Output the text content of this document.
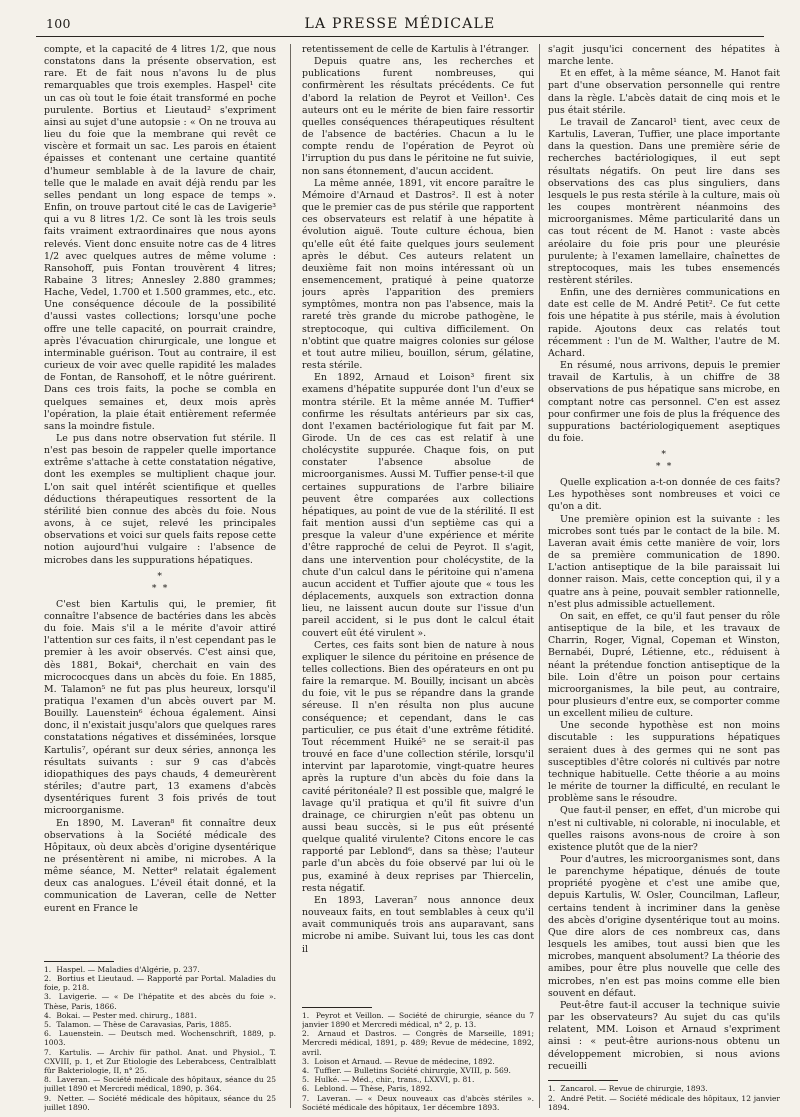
100	LA PRESSE MÉDICALE

compte, et la capacité de 4 litres 1/2, que nous constatons dans la présente observation, est rare. Et de fait nous n'avons lu de plus remarquables que trois exemples. Haspel¹ cite un cas où tout le foie était transformé en poche purulente. Bortius et Lieutaud² s'expriment ainsi au sujet d'une autopsie : « On ne trouva au lieu du foie que la membrane qui revêt ce viscère et formait un sac. Les parois en étaient épaisses et contenant une certaine quantité d'humeur semblable à de la lavure de chair, telle que le malade en avait déjà rendu par les selles pendant un long espace de temps ». Enfin, on trouve partout cité le cas de Lavigerie³ qui a vu 8 litres 1/2. Ce sont là les trois seuls faits vraiment extraordinaires que nous ayons relevés. Vient donc ensuite notre cas de 4 litres 1/2 avec quelques autres de même volume : Ransohoff, puis Fontan trouvèrent 4 litres; Rabaine 3 litres; Annesley 2.880 grammes; Hache, Vedel, 1.700 et 1.500 grammes, etc., etc. Une conséquence découle de la possibilité d'aussi vastes collections; lorsqu'une poche offre une telle capacité, on pourrait craindre, après l'évacuation chirurgicale, une longue et interminable guérison. Tout au contraire, il est curieux de voir avec quelle rapidité les malades de Fontan, de Ransohoff, et le nôtre guérirent. Dans ces trois faits, la poche se combla en quelques semaines et, deux mois après l'opération, la plaie était entièrement refermée sans la moindre fistule.

Le pus dans notre observation fut stérile. Il n'est pas besoin de rappeler quelle importance extrême s'attache à cette constatation négative, dont les exemples se multiplient chaque jour. L'on sait quel intérêt scientifique et quelles déductions thérapeutiques ressortent de la stérilité bien connue des abcès du foie. Nous avons, à ce sujet, relevé les principales observations et voici sur quels faits repose cette notion aujourd'hui vulgaire : l'absence de microbes dans les suppurations hépatiques.

∗
∗ ∗

C'est bien Kartulis qui, le premier, fit connaître l'absence de bactéries dans les abcès du foie. Mais s'il a le mérite d'avoir attiré l'attention sur ces faits, il n'est cependant pas le premier à les avoir observés. C'est ainsi que, dès 1881, Bokai⁴, cherchait en vain des micrococques dans un abcès du foie. En 1885, M. Talamon⁵ ne fut pas plus heureux, lorsqu'il pratiqua l'examen d'un abcès ouvert par M. Bouilly. Lauenstein⁶ échoua également. Ainsi donc, il n'existait jusqu'alors que quelques rares constatations négatives et disséminées, lorsque Kartulis⁷, opérant sur deux séries, annonça les résultats suivants : sur 9 cas d'abcès idiopathiques des pays chauds, 4 demeurèrent stériles; d'autre part, 13 examens d'abcès dysentériques furent 3 fois privés de tout microorganisme.

En 1890, M. Laveran⁸ fit connaître deux observations à la Société médicale des Hôpitaux, où deux abcès d'origine dysentérique ne présentèrent ni amibe, ni microbes. A la même séance, M. Netter⁹ relatait également deux cas analogues. L'éveil était donné, et la communication de Laveran, celle de Netter eurent en France le

1. Haspel. — Maladies d'Algérie, p. 237.

2. Bortius et Lieutaud. — Rapporté par Portal. Maladies du foie, p. 218.

3. Lavigerie. — « De l'hépatite et des abcès du foie ». Thèse, Paris, 1866.

4. Bokai. — Pester med. chirurg., 1881.

5. Talamon. — Thèse de Caravasias, Paris, 1885.

6. Lauenstein. — Deutsch med. Wochenschrift, 1889, p. 1003.

7. Kartulis. — Archiv für pathol. Anat. und Physiol., T. CXVIII, p. 1, et Zur Etiologie des Leberabcess, Centralblatt für Bakteriologie, II, n° 25.

8. Laveran. — Société médicale des hôpitaux, séance du 25 juillet 1890 et Mercredi médical, 1890, p. 364.

9. Netter. — Société médicale des hôpitaux, séance du 25 juillet 1890.

retentissement de celle de Kartulis à l'étranger.

Depuis quatre ans, les recherches et publications furent nombreuses, qui confirmèrent les résultats précédents. Ce fut d'abord la relation de Peyrot et Veillon¹. Ces auteurs ont eu le mérite de bien faire ressortir quelles conséquences thérapeutiques résultent de l'absence de bactéries. Chacun a lu le compte rendu de l'opération de Peyrot où l'irruption du pus dans le péritoine ne fut suivie, non sans étonnement, d'aucun accident.

La même année, 1891, vit encore paraître le Mémoire d'Arnaud et Dastros². Il est à noter que le premier cas de pus stérile que rapportent ces observateurs est relatif à une hépatite à évolution aiguë. Toute culture échoua, bien qu'elle eût été faite quelques jours seulement après le début. Ces auteurs relatent un deuxième fait non moins intéressant où un ensemencement, pratiqué à peine quatorze jours après l'apparition des premiers symptômes, montra non pas l'absence, mais la rareté très grande du microbe pathogène, le streptocoque, qui cultiva difficilement. On n'obtint que quatre maigres colonies sur gélose et tout autre milieu, bouillon, sérum, gélatine, resta stérile.

En 1892, Arnaud et Loison³ firent six examens d'hépatite suppurée dont l'un d'eux se montra stérile. Et la même année M. Tuffier⁴ confirme les résultats antérieurs par six cas, dont l'examen bactériologique fut fait par M. Girode. Un de ces cas est relatif à une cholécystite suppurée. Chaque fois, on put constater l'absence absolue de microorganismes. Aussi M. Tuffier pense-t-il que certaines suppurations de l'arbre biliaire peuvent être comparées aux collections hépatiques, au point de vue de la stérilité. Il est fait mention aussi d'un septième cas qui a presque la valeur d'une expérience et mérite d'être rapproché de celui de Peyrot. Il s'agit, dans une intervention pour cholécystite, de la chute d'un calcul dans le péritoine qui n'amena aucun accident et Tuffier ajoute que « tous les déplacements, auxquels son extraction donna lieu, ne laissent aucun doute sur l'issue d'un pareil accident, si le pus dont le calcul était couvert eût été virulent ».

Certes, ces faits sont bien de nature à nous expliquer le silence du péritoine en présence de telles collections. Bien des opérateurs en ont pu faire la remarque. M. Bouilly, incisant un abcès du foie, vit le pus se répandre dans la grande séreuse. Il n'en résulta non plus aucune conséquence; et cependant, dans le cas particulier, ce pus était d'une extrême fétidité. Tout récemment Huiké⁵ ne se serait-il pas trouvé en face d'une collection stérile, lorsqu'il intervint par laparotomie, vingt-quatre heures après la rupture d'un abcès du foie dans la cavité péritonéale? Il est possible que, malgré le lavage qu'il pratiqua et qu'il fit suivre d'un drainage, ce chirurgien n'eût pas obtenu un aussi beau succès, si le pus eût présenté quelque qualité virulente? Citons encore le cas rapporté par Leblond⁶, dans sa thèse; l'auteur parle d'un abcès du foie observé par lui où le pus, examiné à deux reprises par Thiercelin, resta négatif.

En 1893, Laveran⁷ nous annonce deux nouveaux faits, en tout semblables à ceux qu'il avait communiqués trois ans auparavant, sans microbe ni amibe. Suivant lui, tous les cas dont il

1. Peyrot et Veillon. — Société de chirurgie, séance du 7 janvier 1890 et Mercredi médical, n° 2, p. 13.

2. Arnaud et Dastros. — Congrès de Marseille, 1891; Mercredi médical, 1891, p. 489; Revue de médecine, 1892, avril.

3. Loison et Arnaud. — Revue de médecine, 1892.

4. Tuffier. — Bulletins Société chirurgie, XVIII, p. 569.

5. Hulké. — Méd., chir., trans., LXXVI, p. 81.

6. Leblond. — Thèse, Paris, 1892.

7. Laveran. — « Deux nouveaux cas d'abcès stériles ». Société médicale des hôpitaux, 1er décembre 1893.

s'agit jusqu'ici concernent des hépatites à marche lente.

Et en effet, à la même séance, M. Hanot fait part d'une observation personnelle qui rentre dans la règle. L'abcès datait de cinq mois et le pus était stérile.

Le travail de Zancarol¹ tient, avec ceux de Kartulis, Laveran, Tuffier, une place importante dans la question. Dans une première série de recherches bactériologiques, il eut sept résultats négatifs. On peut lire dans ses observations des cas plus singuliers, dans lesquels le pus resta stérile à la culture, mais où les coupes montrèrent néanmoins des microorganismes. Même particularité dans un cas tout récent de M. Hanot : vaste abcès aréolaire du foie pris pour une pleurésie purulente; à l'examen lamellaire, chaînettes de streptocoques, mais les tubes ensemencés restèrent stériles.

Enfin, une des dernières communications en date est celle de M. André Petit². Ce fut cette fois une hépatite à pus stérile, mais à évolution rapide. Ajoutons deux cas relatés tout récemment : l'un de M. Walther, l'autre de M. Achard.

En résumé, nous arrivons, depuis le premier travail de Kartulis, à un chiffre de 38 observations de pus hépatique sans microbe, en comptant notre cas personnel. C'en est assez pour confirmer une fois de plus la fréquence des suppurations bactériologiquement aseptiques du foie.

∗
∗ ∗

Quelle explication a-t-on donnée de ces faits? Les hypothèses sont nombreuses et voici ce qu'on a dit.

Une première opinion est la suivante : les microbes sont tués par le contact de la bile. M. Laveran avait émis cette manière de voir, lors de sa première communication de 1890. L'action antiseptique de la bile paraissait lui donner raison. Mais, cette conception qui, il y a quatre ans à peine, pouvait sembler rationnelle, n'est plus admissible actuellement.

On sait, en effet, ce qu'il faut penser du rôle antiseptique de la bile, et les travaux de Charrin, Roger, Vignal, Copeman et Winston, Bernabéi, Dupré, Létienne, etc., réduisent à néant la prétendue fonction antiseptique de la bile. Loin d'être un poison pour certains microorganismes, la bile peut, au contraire, pour plusieurs d'entre eux, se comporter comme un excellent milieu de culture.

Une seconde hypothèse est non moins discutable : les suppurations hépatiques seraient dues à des germes qui ne sont pas susceptibles d'être colorés ni cultivés par notre technique habituelle. Cette théorie a au moins le mérite de tourner la difficulté, en reculant le problème sans le résoudre.

Que faut-il penser, en effet, d'un microbe qui n'est ni cultivable, ni colorable, ni inoculable, et quelles raisons avons-nous de croire à son existence plutôt que de la nier?

Pour d'autres, les microorganismes sont, dans le parenchyme hépatique, dénués de toute propriété pyogène et c'est une amibe que, depuis Kartulis, W. Osler, Councilman, Lafleur, certains tendent à incriminer dans la genèse des abcès d'origine dysentérique tout au moins. Que dire alors de ces nombreux cas, dans lesquels les amibes, tout aussi bien que les microbes, manquent absolument? La théorie des amibes, pour être plus nouvelle que celle des microbes, n'en est pas moins comme elle bien souvent en défaut.

Peut-être faut-il accuser la technique suivie par les observateurs? Au sujet du cas qu'ils relatent, MM. Loison et Arnaud s'expriment ainsi : « peut-être aurions-nous obtenu un développement microbien, si nous avions recueilli

1. Zancarol. — Revue de chirurgie, 1893.

2. André Petit. — Société médicale des hôpitaux, 12 janvier 1894.
